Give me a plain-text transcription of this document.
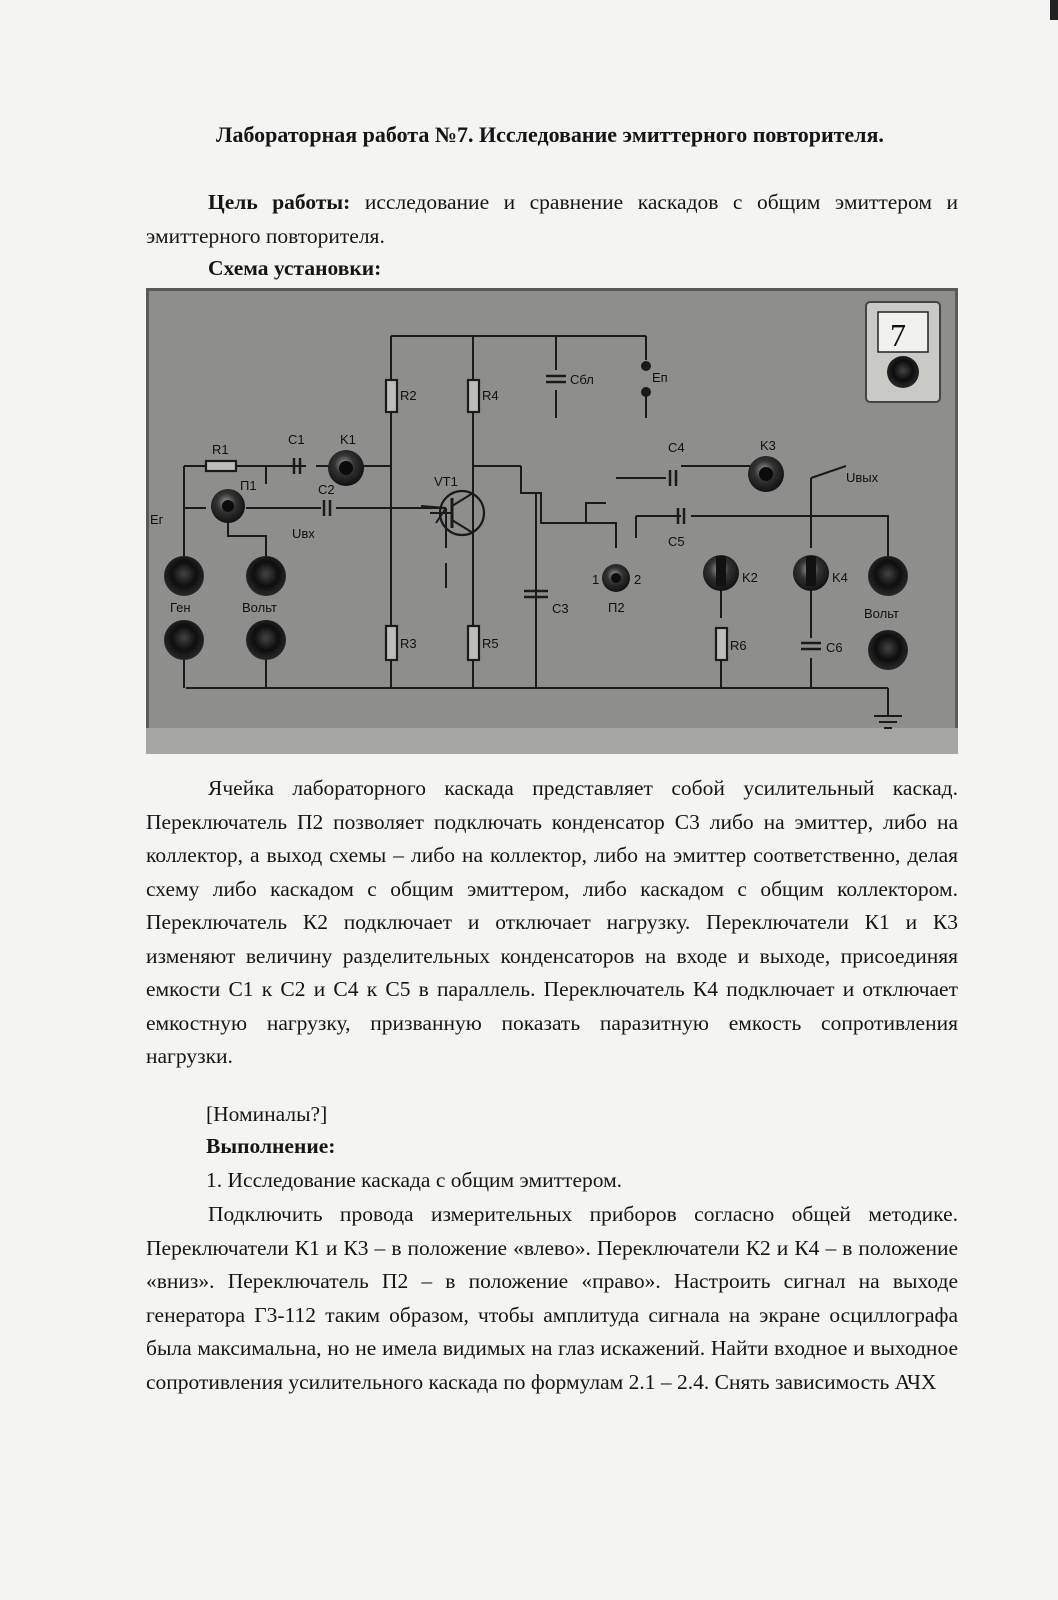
Лабораторная работа №7. Исследование эмиттерного повторителя.
Цель работы: исследование и сравнение каскадов с общим эмиттером и эмиттерного повторителя.
Схема установки:
R2	R4
R3	R5	R6
R1
C1
C2
C3
C4
C5
C6
Cбл	Eп
K1
K2
K3
K4
П1
П2
1	2
VT1
Eг
Uвх
Uвых
Ген	Вольт	Вольт
7
Ячейка лабораторного каскада представляет собой усилительный каскад. Переключатель П2 позволяет подключать конденсатор С3 либо на эмиттер, либо на коллектор, а выход схемы – либо на коллектор, либо на эмиттер соответственно, делая схему либо каскадом с общим эмиттером, либо каскадом с общим коллектором. Переключатель К2 подключает и отключает нагрузку. Переключатели К1 и К3 изменяют величину разделительных конденсаторов на входе и выходе, присоединяя емкости С1 к С2 и С4 к С5 в параллель. Переключатель К4 подключает и отключает емкостную нагрузку, призванную показать паразитную емкость сопротивления нагрузки.
[Номиналы?]
Выполнение:
1. Исследование каскада с общим эмиттером.
Подключить провода измерительных приборов согласно общей методике. Переключатели К1 и К3 – в положение «влево». Переключатели К2 и К4 – в положение «вниз». Переключатель П2 – в положение «право». Настроить сигнал на выходе генератора Г3-112 таким образом, чтобы амплитуда сигнала на экране осциллографа была максимальна, но не имела видимых на глаз искажений. Найти входное и выходное сопротивления усилительного каскада по формулам 2.1 – 2.4. Снять зависимость АЧХ
